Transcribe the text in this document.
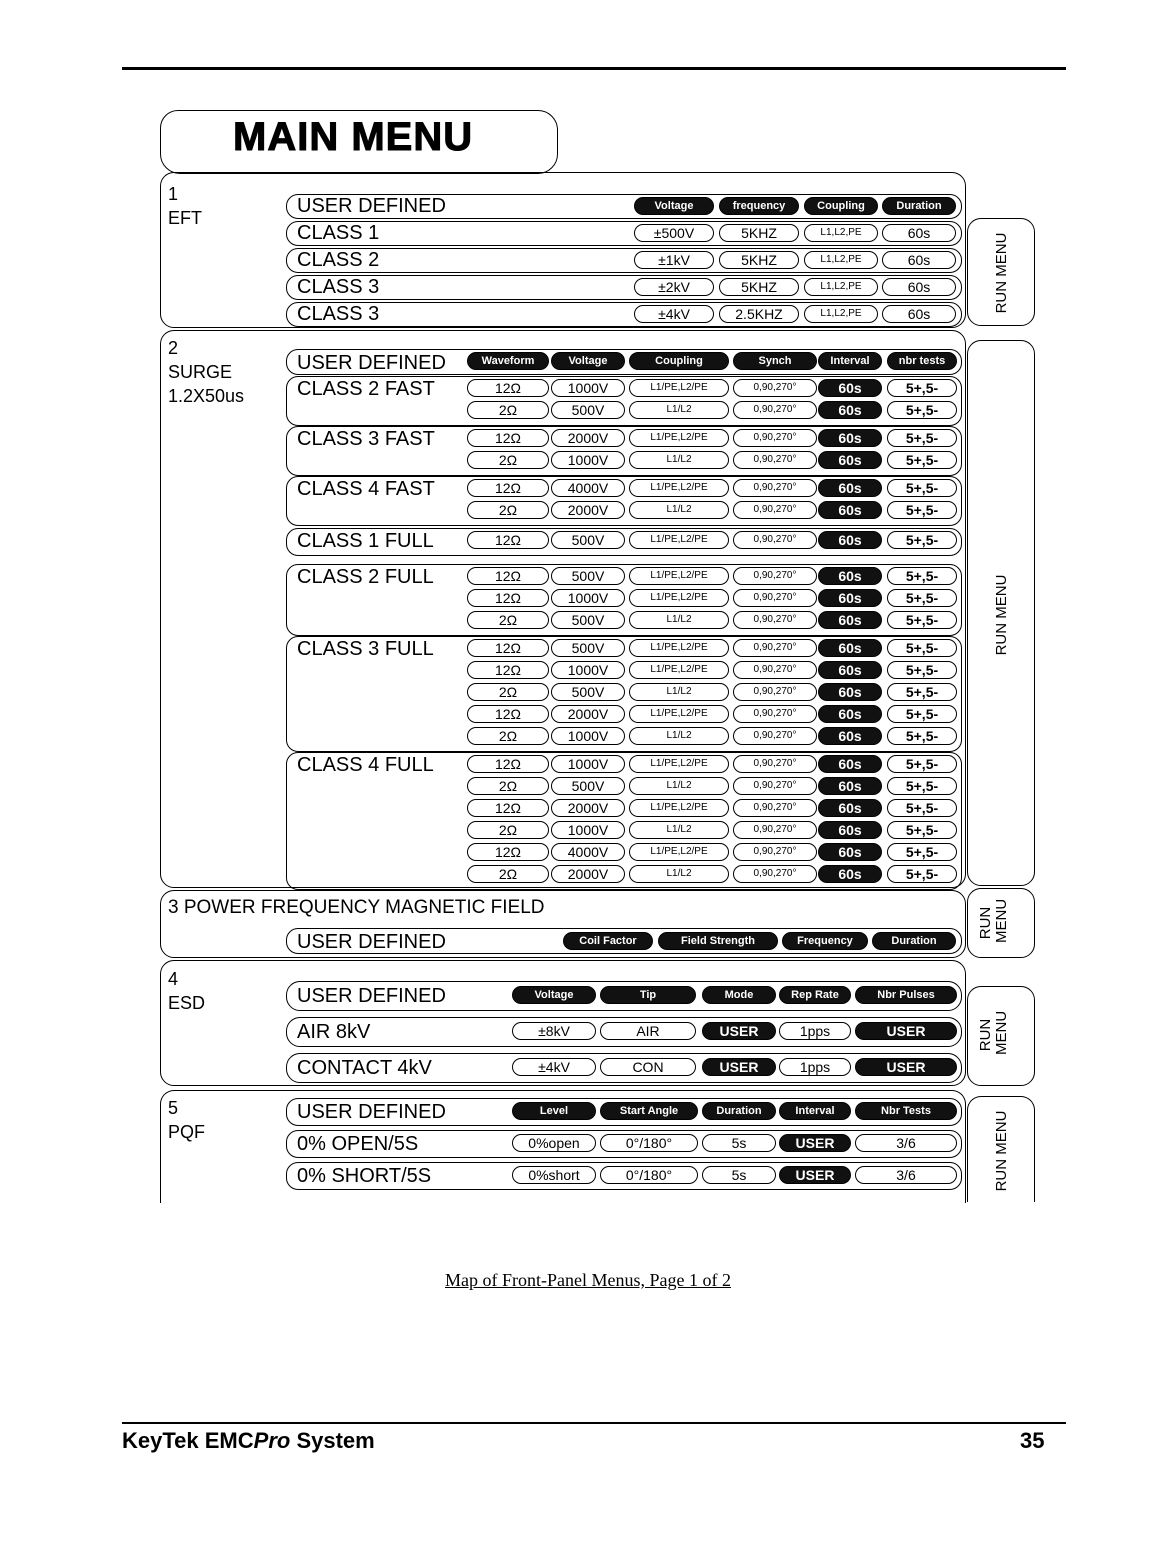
MAIN MENU
1
EFT
USER DEFINED	Voltage	frequency	Coupling	Duration
CLASS 1	±500V	5KHZ	L1,L2,PE	60s
CLASS 2	±1kV	5KHZ	L1,L2,PE	60s
CLASS 3	±2kV	5KHZ	L1,L2,PE	60s
CLASS 3	±4kV	2.5KHZ	L1,L2,PE	60s
RUN MENU
2
SURGE
1.2X50us
USER DEFINED	Waveform	Voltage	Coupling	Synch	Interval	nbr tests
CLASS 2 FAST	12Ω	1000V	L1/PE,L2/PE	0,90,270°	60s	5+,5-
2Ω	500V	L1/L2	0,90,270°	60s	5+,5-
CLASS 3 FAST	12Ω	2000V	L1/PE,L2/PE	0,90,270°	60s	5+,5-
2Ω	1000V	L1/L2	0,90,270°	60s	5+,5-
CLASS 4 FAST	12Ω	4000V	L1/PE,L2/PE	0,90,270°	60s	5+,5-
2Ω	2000V	L1/L2	0,90,270°	60s	5+,5-
CLASS 1 FULL	12Ω	500V	L1/PE,L2/PE	0,90,270°	60s	5+,5-
CLASS 2 FULL	12Ω	500V	L1/PE,L2/PE	0,90,270°	60s	5+,5-
12Ω	1000V	L1/PE,L2/PE	0,90,270°	60s	5+,5-
2Ω	500V	L1/L2	0,90,270°	60s	5+,5-
CLASS 3 FULL	12Ω	500V	L1/PE,L2/PE	0,90,270°	60s	5+,5-
12Ω	1000V	L1/PE,L2/PE	0,90,270°	60s	5+,5-
2Ω	500V	L1/L2	0,90,270°	60s	5+,5-
12Ω	2000V	L1/PE,L2/PE	0,90,270°	60s	5+,5-
2Ω	1000V	L1/L2	0,90,270°	60s	5+,5-
CLASS 4 FULL	12Ω	1000V	L1/PE,L2/PE	0,90,270°	60s	5+,5-
2Ω	500V	L1/L2	0,90,270°	60s	5+,5-
12Ω	2000V	L1/PE,L2/PE	0,90,270°	60s	5+,5-
2Ω	1000V	L1/L2	0,90,270°	60s	5+,5-
12Ω	4000V	L1/PE,L2/PE	0,90,270°	60s	5+,5-
2Ω	2000V	L1/L2	0,90,270°	60s	5+,5-
RUN MENU
3 POWER FREQUENCY MAGNETIC FIELD
USER DEFINED	Coil Factor	Field Strength	Frequency	Duration
RUN MENU
4
ESD	USER DEFINED	Voltage	Tip	Mode	Rep Rate	Nbr Pulses
AIR 8kV	±8kV	AIR	USER	1pps	USER
CONTACT 4kV	±4kV	CON	USER	1pps	USER
RUN MENU
5
PQF
USER DEFINED	Level	Start Angle	Duration	Interval	Nbr Tests
0% OPEN/5S	0%open	0°/180°	5s	USER	3/6
0% SHORT/5S	0%short	0°/180°	5s	USER	3/6	RUN MENU
Map of Front-Panel Menus, Page 1 of 2
KeyTek EMCPro System	35
